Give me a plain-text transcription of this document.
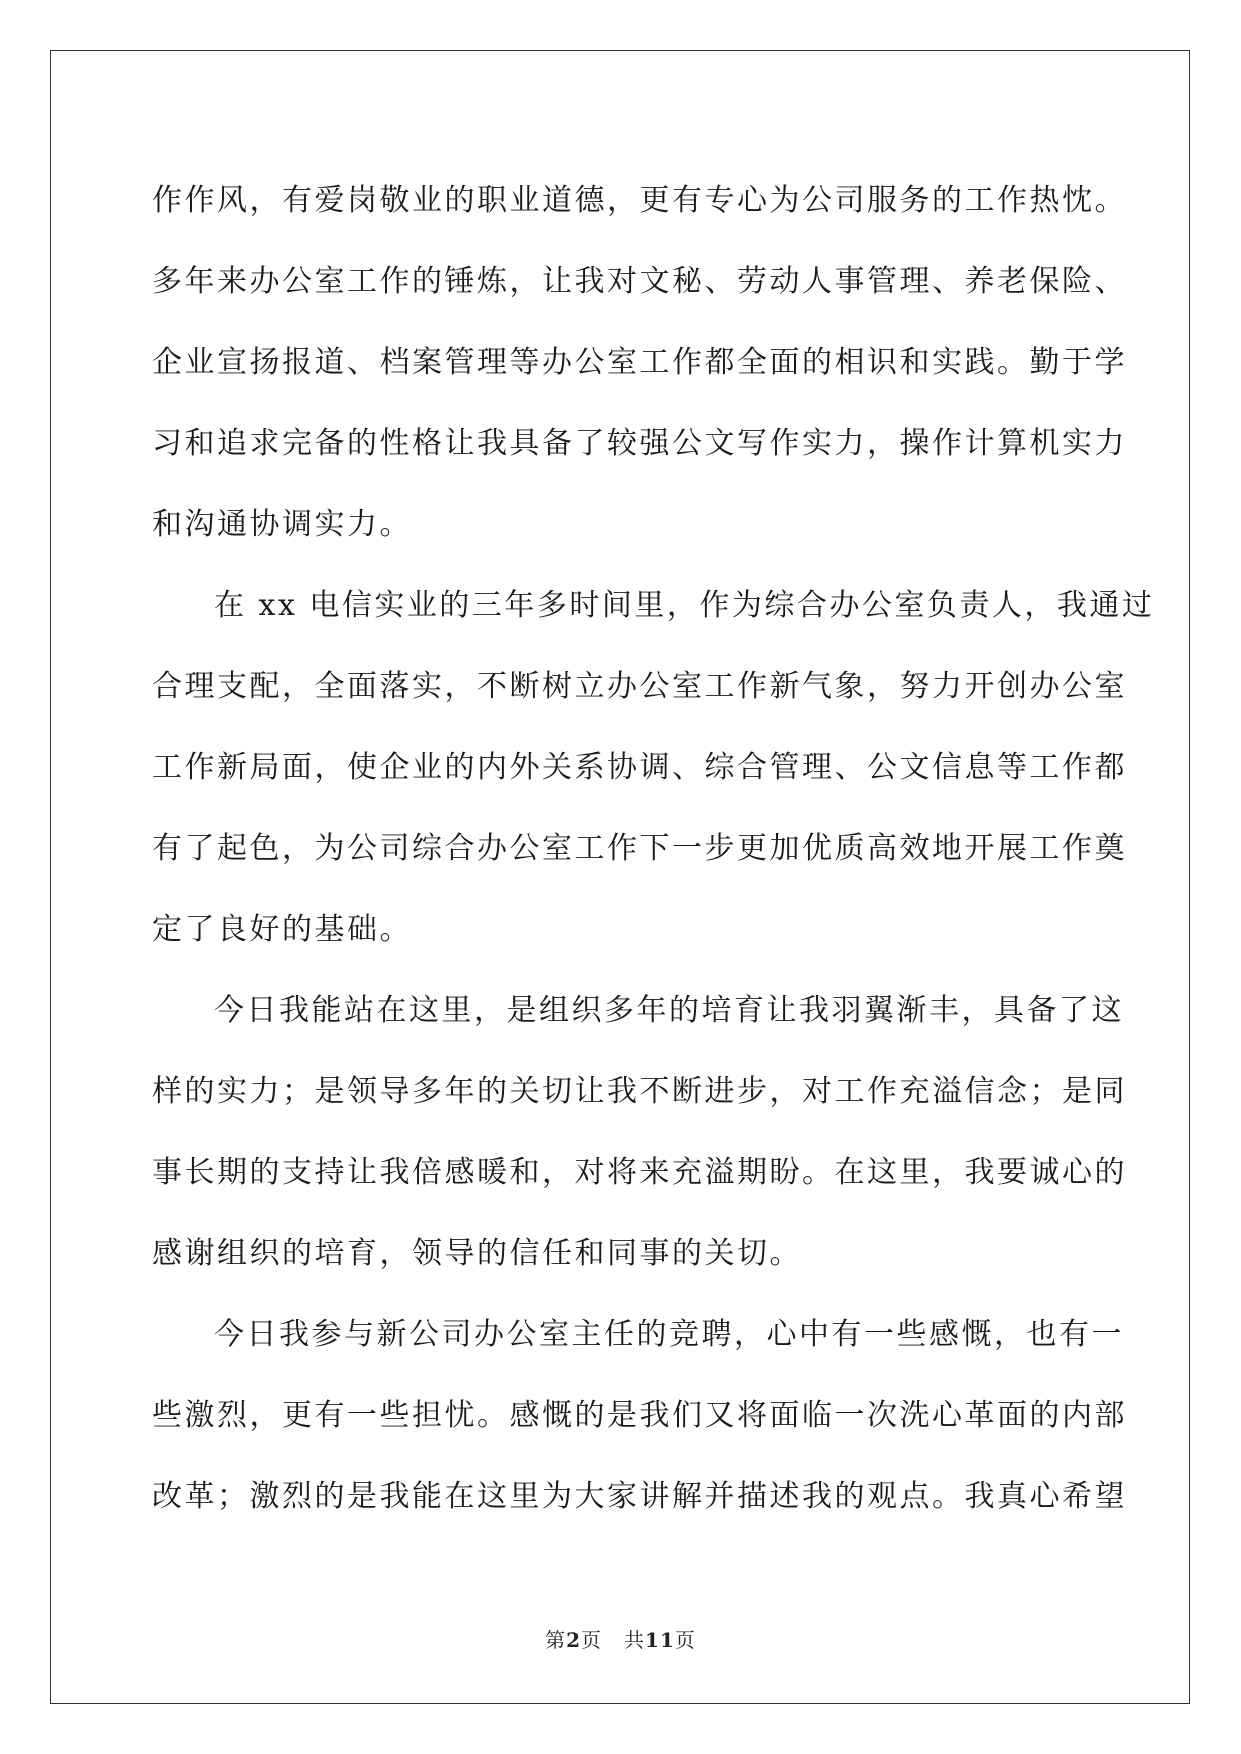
作作风，有爱岗敬业的职业道德，更有专心为公司服务的工作热忱。
多年来办公室工作的锤炼，让我对文秘、劳动人事管理、养老保险、
企业宣扬报道、档案管理等办公室工作都全面的相识和实践。勤于学
习和追求完备的性格让我具备了较强公文写作实力，操作计算机实力
和沟通协调实力。

在 xx 电信实业的三年多时间里，作为综合办公室负责人，我通过
合理支配，全面落实，不断树立办公室工作新气象，努力开创办公室
工作新局面，使企业的内外关系协调、综合管理、公文信息等工作都
有了起色，为公司综合办公室工作下一步更加优质高效地开展工作奠
定了良好的基础。

今日我能站在这里，是组织多年的培育让我羽翼渐丰，具备了这
样的实力；是领导多年的关切让我不断进步，对工作充溢信念；是同
事长期的支持让我倍感暖和，对将来充溢期盼。在这里，我要诚心的
感谢组织的培育，领导的信任和同事的关切。

今日我参与新公司办公室主任的竞聘，心中有一些感慨，也有一
些激烈，更有一些担忧。感慨的是我们又将面临一次洗心革面的内部
改革；激烈的是我能在这里为大家讲解并描述我的观点。我真心希望

第2页 共11页
